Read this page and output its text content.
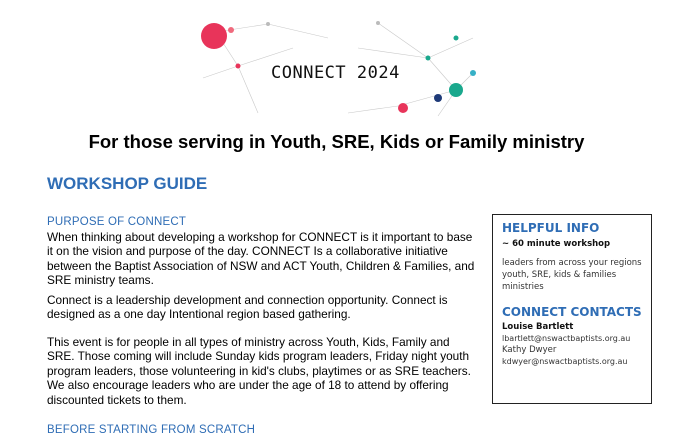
CONNECT 2024
For those serving in Youth, SRE, Kids or Family ministry
WORKSHOP GUIDE
PURPOSE OF CONNECT
When thinking about developing a workshop for CONNECT is it important to base it on the vision and purpose of the day. CONNECT Is a collaborative initiative between the Baptist Association of NSW and ACT Youth, Children & Families, and SRE ministry teams.
Connect is a leadership development and connection opportunity. Connect is designed as a one day Intentional region based gathering.
This event is for people in all types of ministry across Youth, Kids, Family and SRE. Those coming will include Sunday kids program leaders, Friday night youth program leaders, those volunteering in kid's clubs, playtimes or as SRE teachers. We also encourage leaders who are under the age of 18 to attend by offering discounted tickets to them.
BEFORE STARTING FROM SCRATCH
HELPFUL INFO
~ 60 minute workshop
leaders from across your regions youth, SRE, kids & families ministries
CONNECT CONTACTS
Louise Bartlett
lbartlett@nswactbaptists.org.au
Kathy Dwyer
kdwyer@nswactbaptists.org.au
